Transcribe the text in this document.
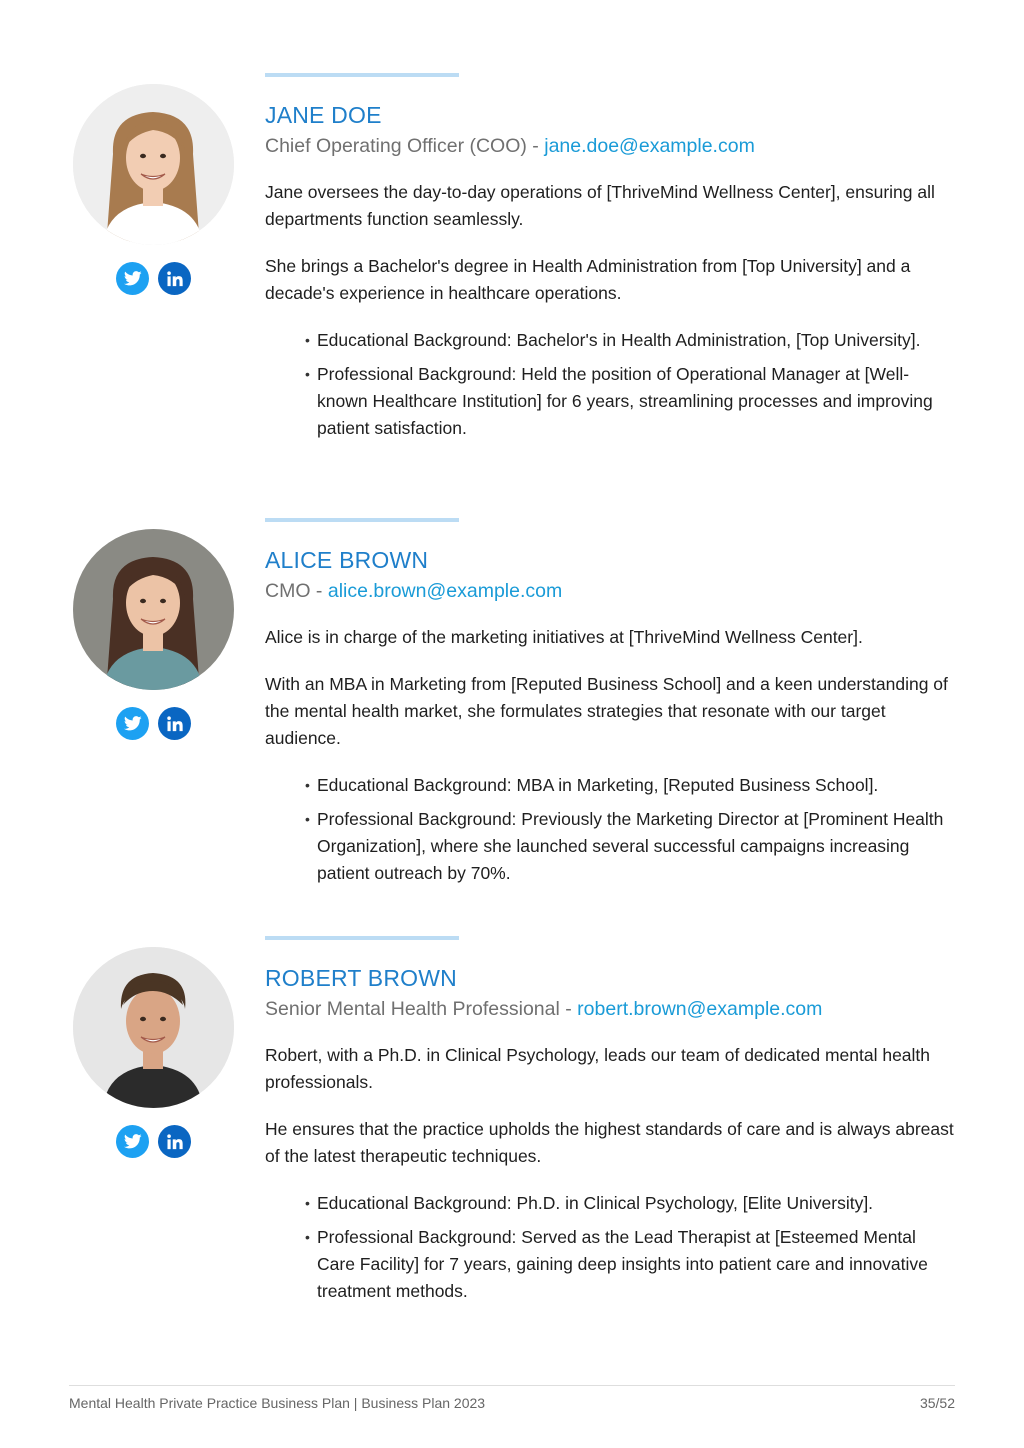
JANE DOE
Chief Operating Officer (COO) - jane.doe@example.com

Jane oversees the day-to-day operations of [ThriveMind Wellness Center], ensuring all departments function seamlessly.

She brings a Bachelor's degree in Health Administration from [Top University] and a decade's experience in healthcare operations.

• Educational Background: Bachelor's in Health Administration, [Top University].
• Professional Background: Held the position of Operational Manager at [Well-known Healthcare Institution] for 6 years, streamlining processes and improving patient satisfaction.
ALICE BROWN
CMO - alice.brown@example.com

Alice is in charge of the marketing initiatives at [ThriveMind Wellness Center].

With an MBA in Marketing from [Reputed Business School] and a keen understanding of the mental health market, she formulates strategies that resonate with our target audience.

• Educational Background: MBA in Marketing, [Reputed Business School].
• Professional Background: Previously the Marketing Director at [Prominent Health Organization], where she launched several successful campaigns increasing patient outreach by 70%.
ROBERT BROWN
Senior Mental Health Professional - robert.brown@example.com

Robert, with a Ph.D. in Clinical Psychology, leads our team of dedicated mental health professionals.

He ensures that the practice upholds the highest standards of care and is always abreast of the latest therapeutic techniques.

• Educational Background: Ph.D. in Clinical Psychology, [Elite University].
• Professional Background: Served as the Lead Therapist at [Esteemed Mental Care Facility] for 7 years, gaining deep insights into patient care and innovative treatment methods.
Mental Health Private Practice Business Plan | Business Plan 2023	35/52
